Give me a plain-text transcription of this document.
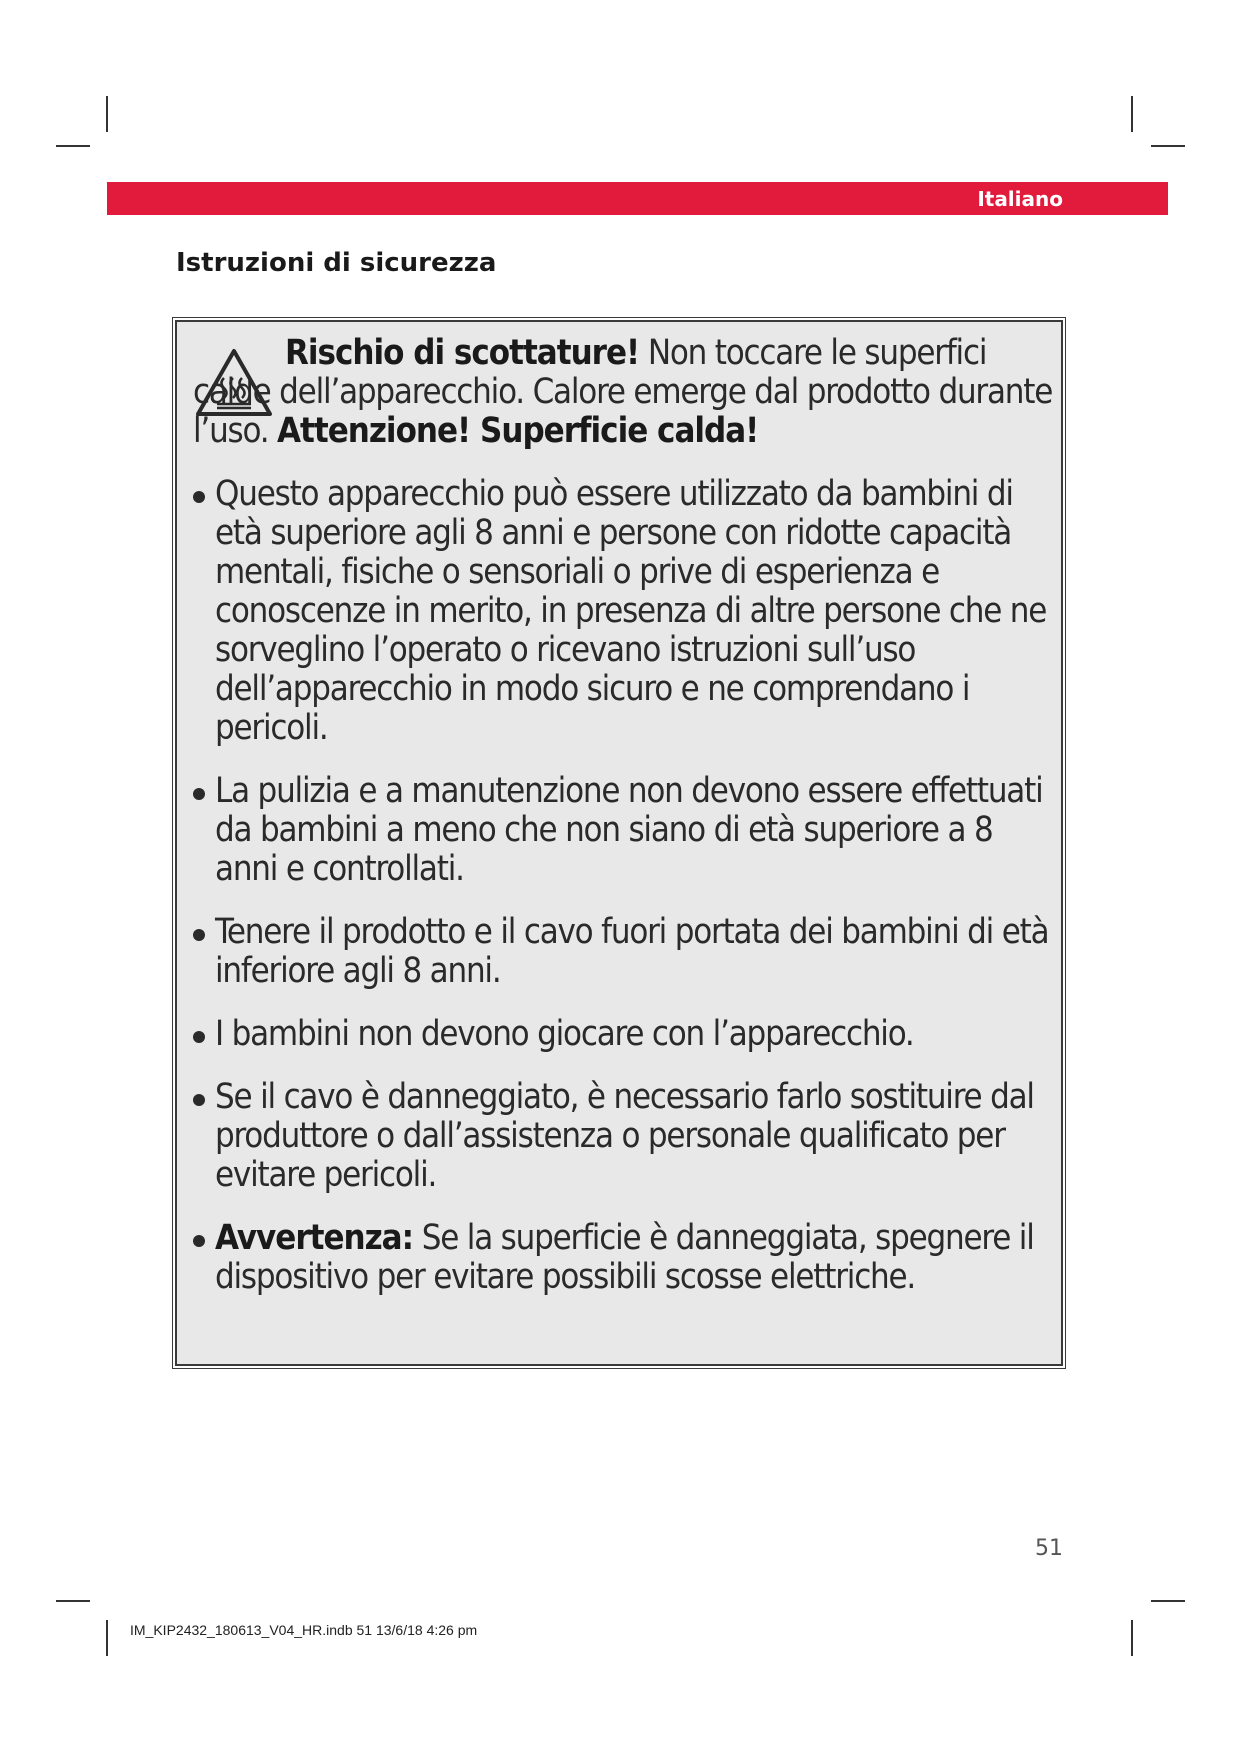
Italiano
Istruzioni di sicurezza

Rischio di scottature! Non toccare le superfici calde dell’apparecchio. Calore emerge dal prodotto durante l’uso. Attenzione! Superficie calda!

Questo apparecchio può essere utilizzato da bambini di età superiore agli 8 anni e persone con ridotte capacità mentali, fisiche o sensoriali o prive di esperienza e conoscenze in merito, in presenza di altre persone che ne sorveglino l’operato o ricevano istruzioni sull’uso dell’apparecchio in modo sicuro e ne comprendano i pericoli.
La pulizia e a manutenzione non devono essere effettuati da bambini a meno che non siano di età superiore a 8 anni e controllati.
Tenere il prodotto e il cavo fuori portata dei bambini di età inferiore agli 8 anni.
I bambini non devono giocare con l’apparecchio.
Se il cavo è danneggiato, è necessario farlo sostituire dal produttore o dall’assistenza o personale qualificato per evitare pericoli.
Avvertenza: Se la superficie è danneggiata, spegnere il dispositivo per evitare possibili scosse elettriche.
51
IM_KIP2432_180613_V04_HR.indb 51 13/6/18 4:26 pm
